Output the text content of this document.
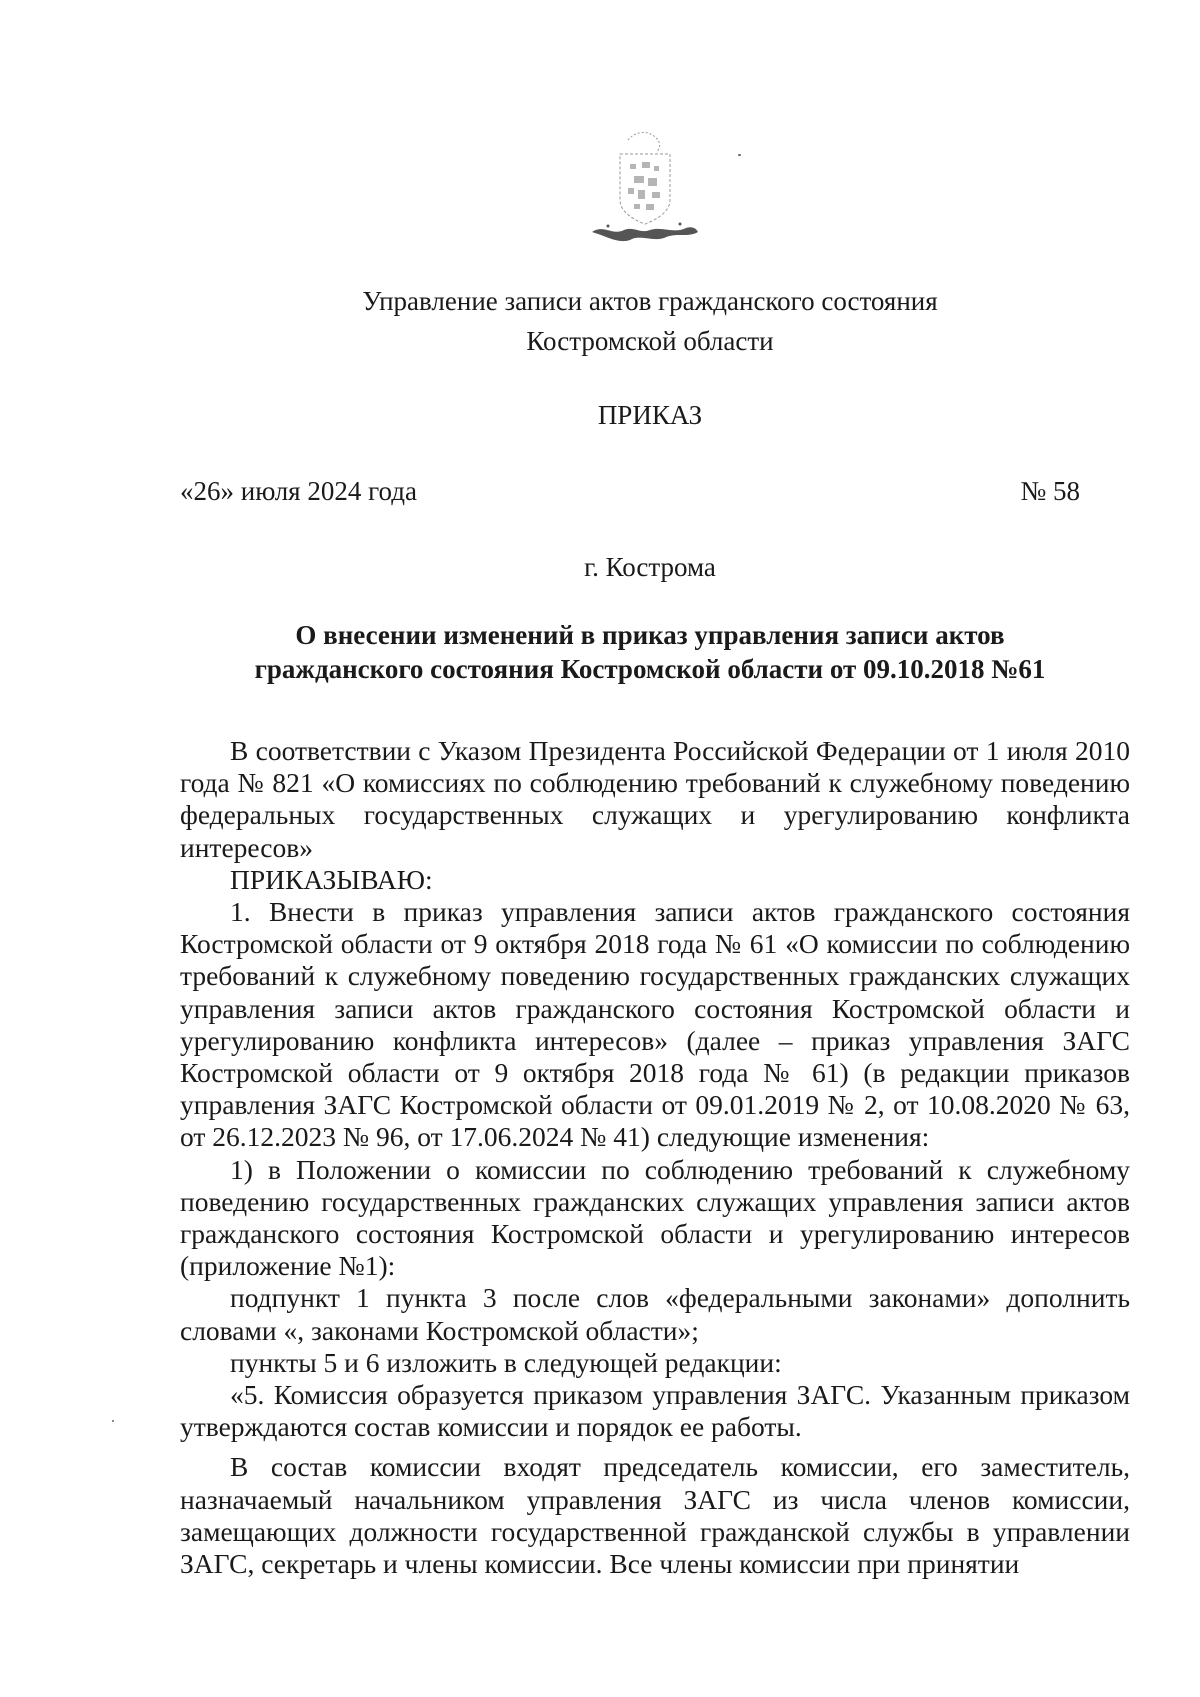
Управление записи актов гражданского состояния
Костромской области
ПРИКАЗ
«26» июля 2024 года	№ 58
г. Кострома
О внесении изменений в приказ управления записи актов
гражданского состояния Костромской области от 09.10.2018 №61

В соответствии с Указом Президента Российской Федерации от 1 июля 2010 года № 821 «О комиссиях по соблюдению требований к служебному поведению федеральных государственных служащих и урегулированию конфликта интересов»

ПРИКАЗЫВАЮ:

1. Внести в приказ управления записи актов гражданского состояния Костромской области от 9 октября 2018 года № 61 «О комиссии по соблюдению требований к служебному поведению государственных гражданских служащих управления записи актов гражданского состояния Костромской области и урегулированию конфликта интересов» (далее – приказ управления ЗАГС Костромской области от 9 октября 2018 года № 61) (в редакции приказов управления ЗАГС Костромской области от 09.01.2019 № 2, от 10.08.2020 № 63, от 26.12.2023 № 96, от 17.06.2024 № 41) следующие изменения:

1) в Положении о комиссии по соблюдению требований к служебному поведению государственных гражданских служащих управления записи актов гражданского состояния Костромской области и урегулированию интересов (приложение №1):

подпункт 1 пункта 3 после слов «федеральными законами» дополнить словами «, законами Костромской области»;

пункты 5 и 6 изложить в следующей редакции:

«5. Комиссия образуется приказом управления ЗАГС. Указанным приказом утверждаются состав комиссии и порядок ее работы.

В состав комиссии входят председатель комиссии, его заместитель, назначаемый начальником управления ЗАГС из числа членов комиссии, замещающих должности государственной гражданской службы в управлении ЗАГС, секретарь и члены комиссии. Все члены комиссии при принятии
